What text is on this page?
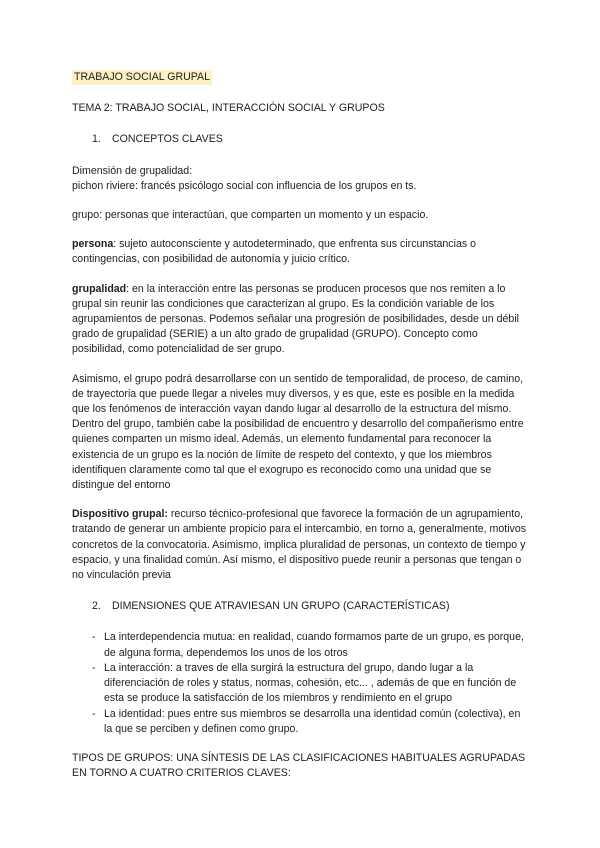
TRABAJO SOCIAL GRUPAL

TEMA 2: TRABAJO SOCIAL, INTERACCIÓN SOCIAL Y GRUPOS

1.	CONCEPTOS CLAVES

Dimensión de grupalidad:

pichon riviere: francés psicólogo social con influencia de los grupos en ts.

grupo: personas que interactúan, que comparten un momento y un espacio.

persona: sujeto autoconsciente y autodeterminado, que enfrenta sus circunstancias o contingencias, con posibilidad de autonomía y juicio crítico.

grupalidad: en la interacción entre las personas se producen procesos que nos remiten a lo grupal sin reunir las condiciones que caracterizan al grupo. Es la condición variable de los agrupamientos de personas. Podemos señalar una progresión de posibilidades, desde un débil grado de grupalidad (SERIE) a un alto grado de grupalidad (GRUPO). Concepto como posibilidad, como potencialidad de ser grupo.

Asimismo, el grupo podrá desarrollarse con un sentido de temporalidad, de proceso, de camino, de trayectoria que puede llegar a niveles muy diversos, y es que, este es posible en la medida que los fenómenos de interacción vayan dando lugar al desarrollo de la estructura del mismo. Dentro del grupo, también cabe la posibilidad de encuentro y desarrollo del compañerismo entre quienes comparten un mismo ideal. Además, un elemento fundamental para reconocer la existencia de un grupo es la noción de límite de respeto del contexto, y que los miembros identifiquen claramente como tal que el exogrupo es reconocido como una unidad que se distingue del entorno

Dispositivo grupal: recurso técnico-profesional que favorece la formación de un agrupamiento, tratando de generar un ambiente propicio para el intercambio, en torno a, generalmente, motivos concretos de la convocatoria. Asimismo, implica pluralidad de personas, un contexto de tiempo y espacio, y una finalidad común. Así mismo, el dispositivo puede reunir a personas que tengan o no vinculación previa

2.	DIMENSIONES QUE ATRAVIESAN UN GRUPO (CARACTERÍSTICAS)
- La interdependencia mutua: en realidad, cuando formamos parte de un grupo, es porque, de alguna forma, dependemos los unos de los otros
- La interacción: a traves de ella surgirá la estructura del grupo, dando lugar a la diferenciación de roles y status, normas, cohesión, etc... , además de que en función de esta se produce la satisfacción de los miembros y rendimiento en el grupo
- La identidad: pues entre sus miembros se desarrolla una identidad común (colectiva), en la que se perciben y definen como grupo.

TIPOS DE GRUPOS: UNA SÍNTESIS DE LAS CLASIFICACIONES HABITUALES AGRUPADAS EN TORNO A CUATRO CRITERIOS CLAVES:
